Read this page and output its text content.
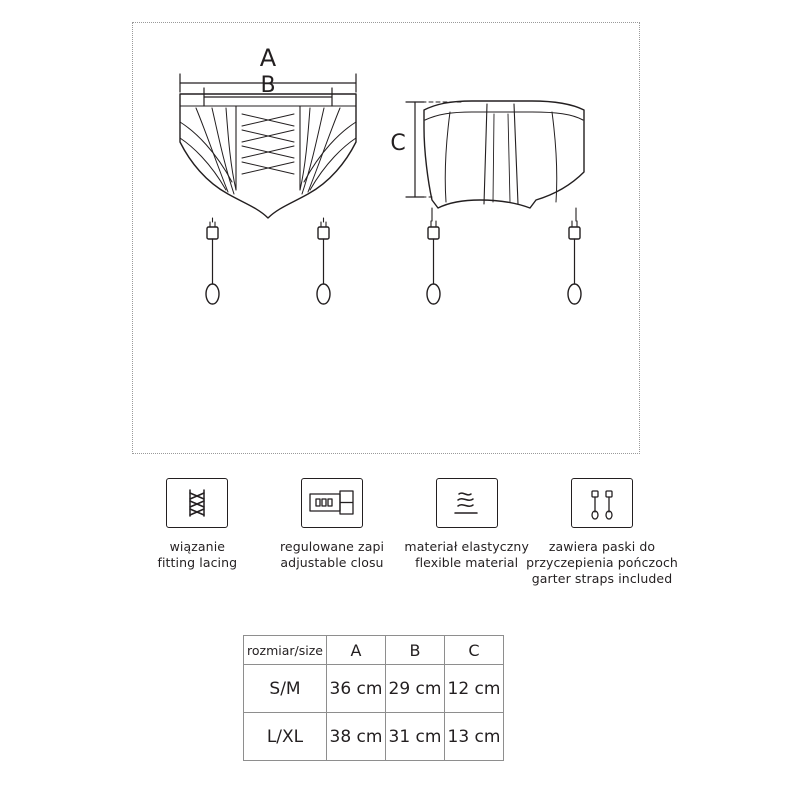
A
B
C
wiązanie
fitting lacing
regulowane zapi
adjustable closu
materiał elastyczny
flexible material
zawiera paski do
przyczepienia pończoch
garter straps included
rozmiar/size	A	B	C
S/M	36 cm	29 cm	12 cm
L/XL	38 cm	31 cm	13 cm
